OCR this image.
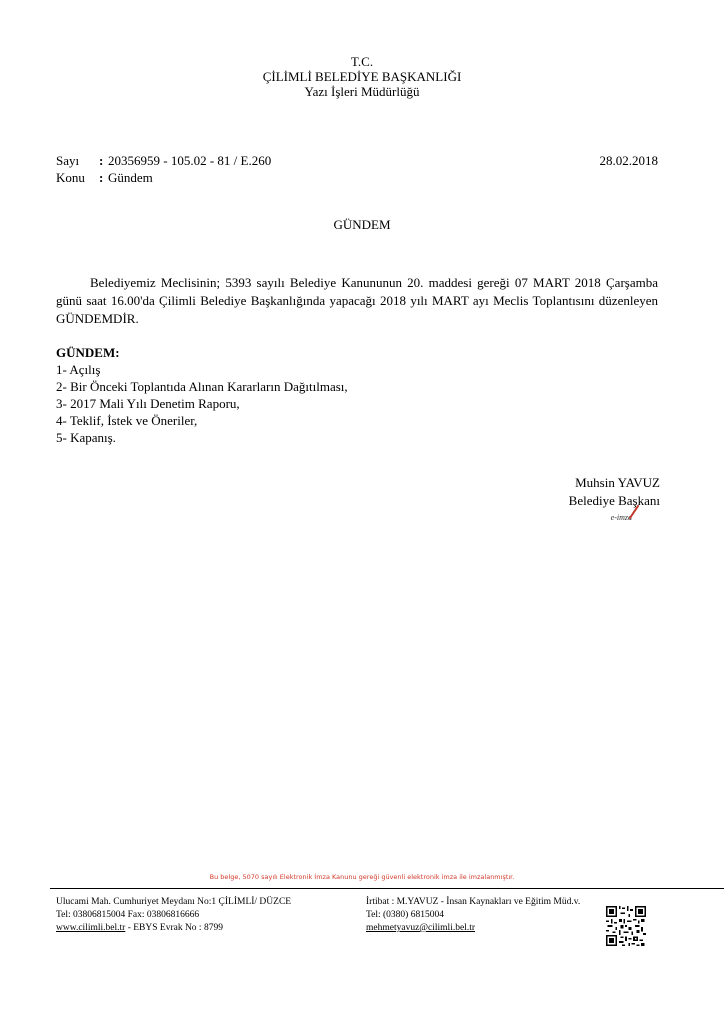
T.C.
ÇİLİMLİ BELEDİYE BAŞKANLIĞI
Yazı İşleri Müdürlüğü
Sayı : 20356959 - 105.02 - 81 / E.260	28.02.2018
Konu : Gündem
GÜNDEM
Belediyemiz Meclisinin; 5393 sayılı Belediye Kanununun 20. maddesi gereği 07 MART 2018 Çarşamba günü saat 16.00'da Çilimli Belediye Başkanlığında yapacağı 2018 yılı MART ayı Meclis Toplantısını düzenleyen GÜNDEMDİR.
GÜNDEM:
1- Açılış
2- Bir Önceki Toplantıda Alınan Kararların Dağıtılması,
3- 2017 Mali Yılı Denetim Raporu,
4- Teklif, İstek ve Öneriler,
5- Kapanış.
Muhsin YAVUZ
Belediye Başkanı
e-imza
Bu belge, 5070 sayılı Elektronik İmza Kanunu gereği güvenli elektronik imza ile imzalanmıştır.
Ulucami Mah. Cumhuriyet Meydanı No:1 ÇİLİMLİ/ DÜZCE
Tel: 03806815004 Fax: 03806816666
www.cilimli.bel.tr - EBYS Evrak No : 8799
İrtibat : M.YAVUZ - İnsan Kaynakları ve Eğitim Müd.v.
Tel: (0380) 6815004
mehmetyavuz@cilimli.bel.tr
